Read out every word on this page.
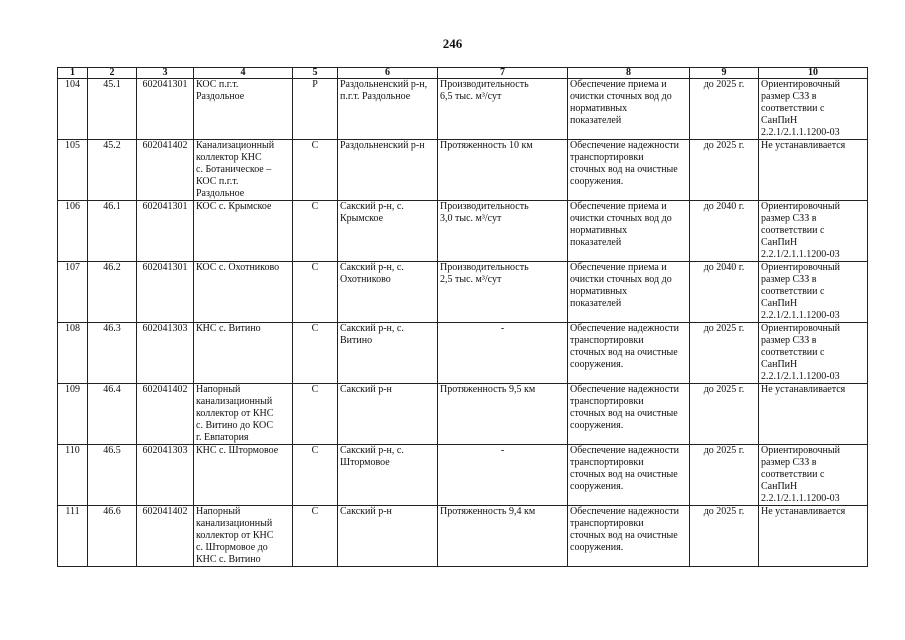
246
1	2	3	4	5	6	7	8	9	10
104	45.1	602041301	КОС п.г.т.
Раздольное	Р	Раздольненский р-н,
п.г.т. Раздольное	Производительность
6,5 тыс. м³/сут	Обеспечение приема и
очистки сточных вод до
нормативных
показателей	до 2025 г.	Ориентировочный
размер СЗЗ в
соответствии с
СанПиН
2.2.1/2.1.1.1200-03
105	45.2	602041402	Канализационный
коллектор КНС
с. Ботаническое –
КОС п.г.т.
Раздольное	С	Раздольненский р-н	Протяженность 10 км	Обеспечение надежности
транспортировки
сточных вод на очистные
сооружения.	до 2025 г.	Не устанавливается
106	46.1	602041301	КОС с. Крымское	С	Сакский р-н, с.
Крымское	Производительность
3,0 тыс. м³/сут	Обеспечение приема и
очистки сточных вод до
нормативных
показателей	до 2040 г.	Ориентировочный
размер СЗЗ в
соответствии с
СанПиН
2.2.1/2.1.1.1200-03
107	46.2	602041301	КОС с. Охотниково	С	Сакский р-н, с.
Охотниково	Производительность
2,5 тыс. м³/сут	Обеспечение приема и
очистки сточных вод до
нормативных
показателей	до 2040 г.	Ориентировочный
размер СЗЗ в
соответствии с
СанПиН
2.2.1/2.1.1.1200-03
108	46.3	602041303	КНС с. Витино	С	Сакский р-н, с.
Витино	-	Обеспечение надежности
транспортировки
сточных вод на очистные
сооружения.	до 2025 г.	Ориентировочный
размер СЗЗ в
соответствии с
СанПиН
2.2.1/2.1.1.1200-03
109	46.4	602041402	Напорный
канализационный
коллектор от КНС
с. Витино до КОС
г. Евпатория	С	Сакский р-н	Протяженность 9,5 км	Обеспечение надежности
транспортировки
сточных вод на очистные
сооружения.	до 2025 г.	Не устанавливается
110	46.5	602041303	КНС с. Штормовое	С	Сакский р-н, с.
Штормовое	-	Обеспечение надежности
транспортировки
сточных вод на очистные
сооружения.	до 2025 г.	Ориентировочный
размер СЗЗ в
соответствии с
СанПиН
2.2.1/2.1.1.1200-03
111	46.6	602041402	Напорный
канализационный
коллектор от КНС
с. Штормовое до
КНС с. Витино	С	Сакский р-н	Протяженность 9,4 км	Обеспечение надежности
транспортировки
сточных вод на очистные
сооружения.	до 2025 г.	Не устанавливается
